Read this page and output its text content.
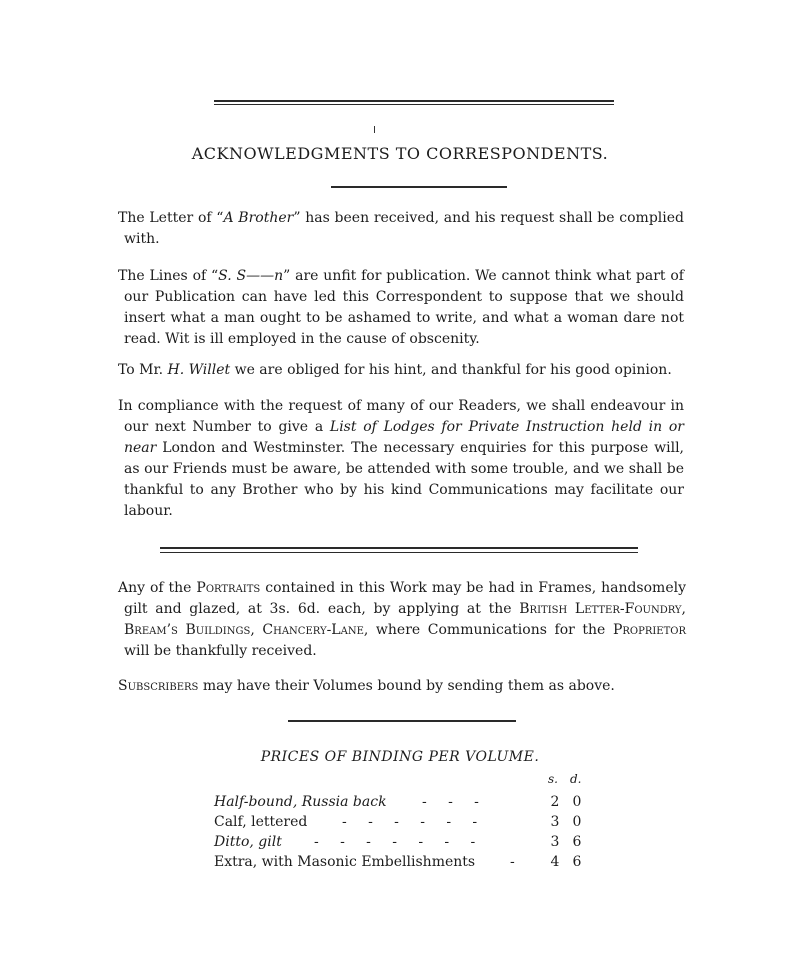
ACKNOWLEDGMENTS TO CORRESPONDENTS.
The Letter of “A Brother” has been received, and his request shall be complied with.
The Lines of “S. S——n” are unfit for publication. We cannot think what part of our Publication can have led this Correspondent to suppose that we should insert what a man ought to be ashamed to write, and what a woman dare not read. Wit is ill employed in the cause of obscenity.
To Mr. H. Willet we are obliged for his hint, and thankful for his good opinion.
In compliance with the request of many of our Readers, we shall endeavour in our next Number to give a List of Lodges for Private Instruction held in or near London and Westminster. The necessary enquiries for this purpose will, as our Friends must be aware, be attended with some trouble, and we shall be thankful to any Brother who by his kind Communications may facilitate our labour.
Any of the Portraits contained in this Work may be had in Frames, handsomely gilt and glazed, at 3s. 6d. each, by applying at the British Letter-Foundry, Bream’s Buildings, Chancery-Lane, where Communications for the Proprietor will be thankfully received.
Subscribers may have their Volumes bound by sending them as above.
PRICES OF BINDING PER VOLUME.
s. d.
Half-bound, Russia back	-   -   -	2 0
Calf, lettered -   -   -   -   -   -	3 0
Ditto, gilt -   -   -   -   -   -   -	3 6
Extra, with Masonic Embellishments - 4 6
